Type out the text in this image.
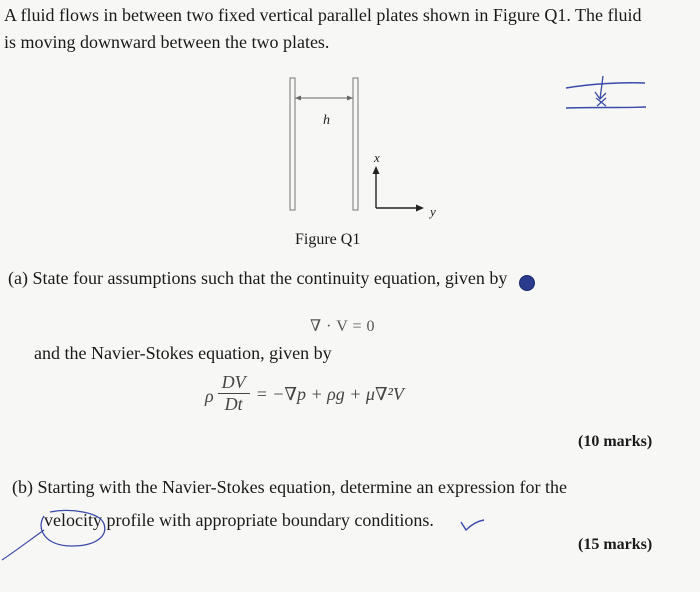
A fluid flows in between two fixed vertical parallel plates shown in Figure Q1. The fluid
is moving downward between the two plates.
h
x
y
Figure Q1
(a) State four assumptions such that the continuity equation, given by
∇ · V = 0
and the Navier-Stokes equation, given by
ρ $\frac{DV}{Dt} = -\nabla p + \rho g + \mu\nabla^2V$
(10 marks)
(b) Starting with the Navier-Stokes equation, determine an expression for the
velocity profile with appropriate boundary conditions.
(15 marks)
